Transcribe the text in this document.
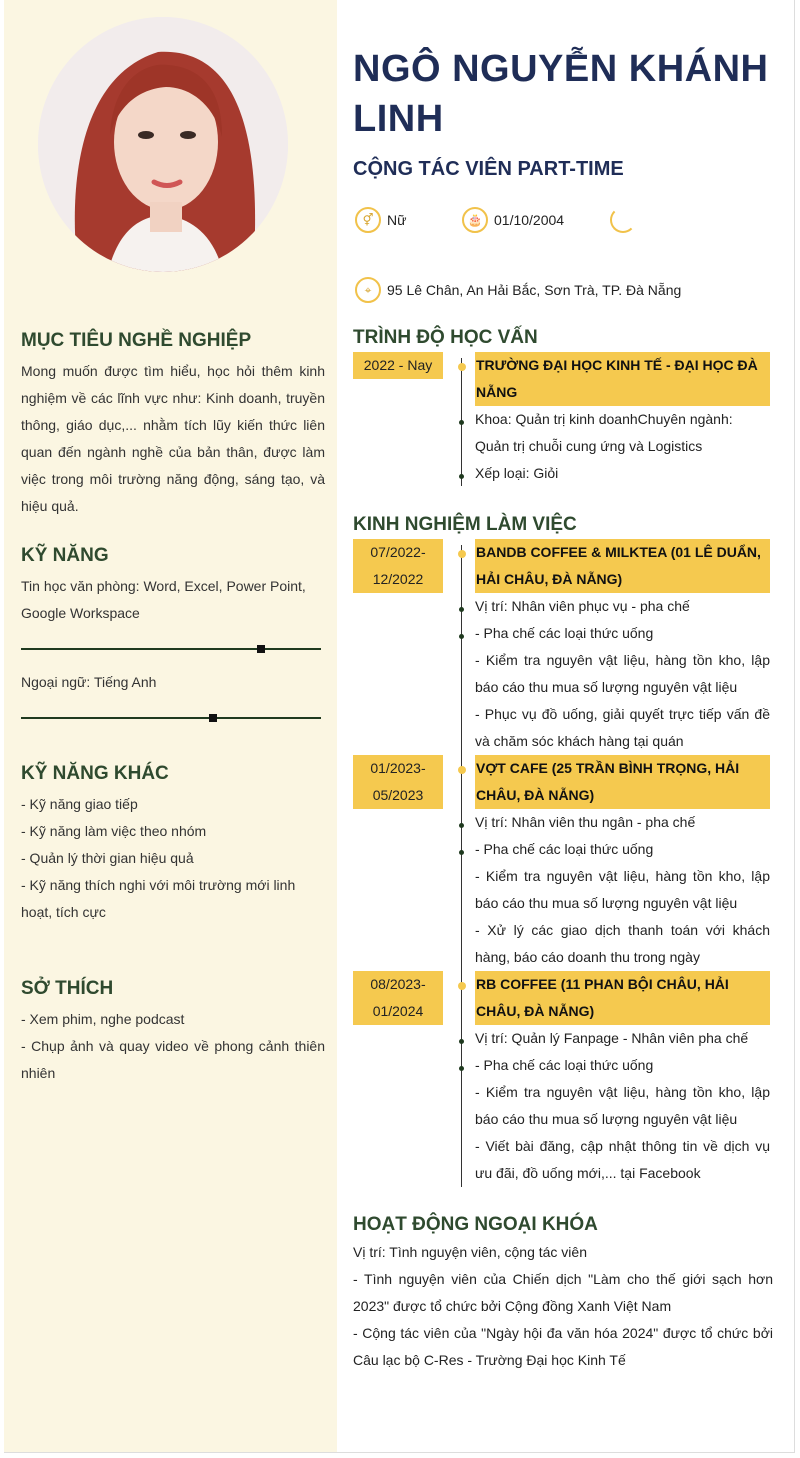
MỤC TIÊU NGHỀ NGHIỆP

Mong muốn được tìm hiểu, học hỏi thêm kinh nghiệm về các lĩnh vực như: Kinh doanh, truyền thông, giáo dục,... nhằm tích lũy kiến thức liên quan đến ngành nghề của bản thân, được làm việc trong môi trường năng động, sáng tạo, và hiệu quả.

KỸ NĂNG

Tin học văn phòng: Word, Excel, Power Point, Google Workspace

Ngoại ngữ: Tiếng Anh

KỸ NĂNG KHÁC

- Kỹ năng giao tiếp

- Kỹ năng làm việc theo nhóm

- Quản lý thời gian hiệu quả

- Kỹ năng thích nghi với môi trường mới linh hoạt, tích cực

SỞ THÍCH

- Xem phim, nghe podcast

- Chụp ảnh và quay video về phong cảnh thiên nhiên

NGÔ NGUYỄN KHÁNH LINH
CỘNG TÁC VIÊN PART-TIME
⚥ Nữ	🎂 01/10/2004
⌖	95 Lê Chân, An Hải Bắc, Sơn Trà, TP. Đà Nẵng
TRÌNH ĐỘ HỌC VẤN
2022 - Nay	TRƯỜNG ĐẠI HỌC KINH TẾ - ĐẠI HỌC ĐÀ NẴNG

Khoa: Quản trị kinh doanhChuyên ngành: Quản trị chuỗi cung ứng và Logistics

Xếp loại: Giỏi

KINH NGHIỆM LÀM VIỆC
07/2022-
12/2022
BANDB COFFEE & MILKTEA (01 LÊ DUẨN, HẢI CHÂU, ĐÀ NẴNG)

Vị trí: Nhân viên phục vụ - pha chế

- Pha chế các loại thức uống

- Kiểm tra nguyên vật liệu, hàng tồn kho, lập báo cáo thu mua số lượng nguyên vật liệu

- Phục vụ đồ uống, giải quyết trực tiếp vấn đề và chăm sóc khách hàng tại quán

01/2023-
05/2023
VỢT CAFE (25 TRẦN BÌNH TRỌNG, HẢI CHÂU, ĐÀ NẴNG)

Vị trí: Nhân viên thu ngân - pha chế

- Pha chế các loại thức uống

- Kiểm tra nguyên vật liệu, hàng tồn kho, lập báo cáo thu mua số lượng nguyên vật liệu

- Xử lý các giao dịch thanh toán với khách hàng, báo cáo doanh thu trong ngày

08/2023-
01/2024
RB COFFEE (11 PHAN BỘI CHÂU, HẢI CHÂU, ĐÀ NẴNG)

Vị trí: Quản lý Fanpage - Nhân viên pha chế

- Pha chế các loại thức uống

- Kiểm tra nguyên vật liệu, hàng tồn kho, lập báo cáo thu mua số lượng nguyên vật liệu

- Viết bài đăng, cập nhật thông tin về dịch vụ ưu đãi, đồ uống mới,... tại Facebook

HOẠT ĐỘNG NGOẠI KHÓA

Vị trí: Tình nguyện viên, cộng tác viên

- Tình nguyện viên của Chiến dịch "Làm cho thế giới sạch hơn 2023" được tổ chức bởi Cộng đồng Xanh Việt Nam

- Cộng tác viên của "Ngày hội đa văn hóa 2024" được tổ chức bởi Câu lạc bộ C-Res - Trường Đại học Kinh Tế
